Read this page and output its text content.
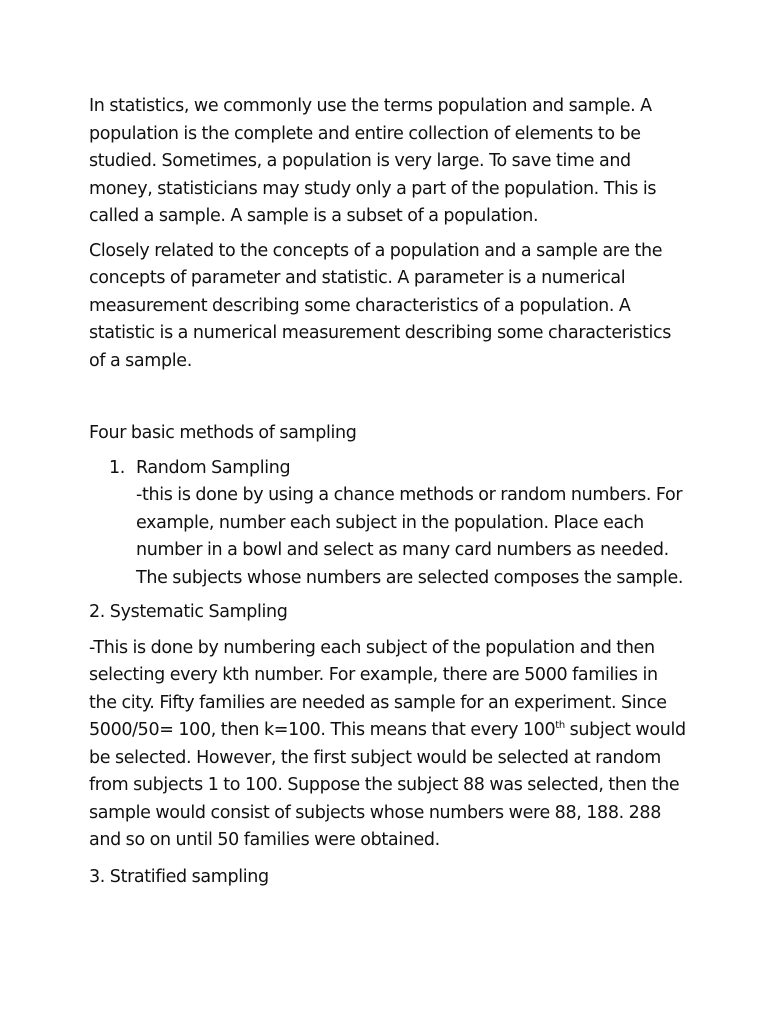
In statistics, we commonly use the terms population and sample. A population is the complete and entire collection of elements to be studied. Sometimes, a population is very large. To save time and money, statisticians may study only a part of the population. This is called a sample. A sample is a subset of a population.

Closely related to the concepts of a population and a sample are the concepts of parameter and statistic. A parameter is a numerical measurement describing some characteristics of a population. A statistic is a numerical measurement describing some characteristics of a sample.

Four basic methods of sampling

1. Random Sampling
-this is done by using a chance methods or random numbers. For example, number each subject in the population. Place each number in a bowl and select as many card numbers as needed. The subjects whose numbers are selected composes the sample.

2. Systematic Sampling

-This is done by numbering each subject of the population and then selecting every kth number. For example, there are 5000 families in the city. Fifty families are needed as sample for an experiment. Since 5000/50= 100, then k=100. This means that every 100th subject would be selected. However, the first subject would be selected at random from subjects 1 to 100. Suppose the subject 88 was selected, then the sample would consist of subjects whose numbers were 88, 188. 288 and so on until 50 families were obtained.

3. Stratified sampling
